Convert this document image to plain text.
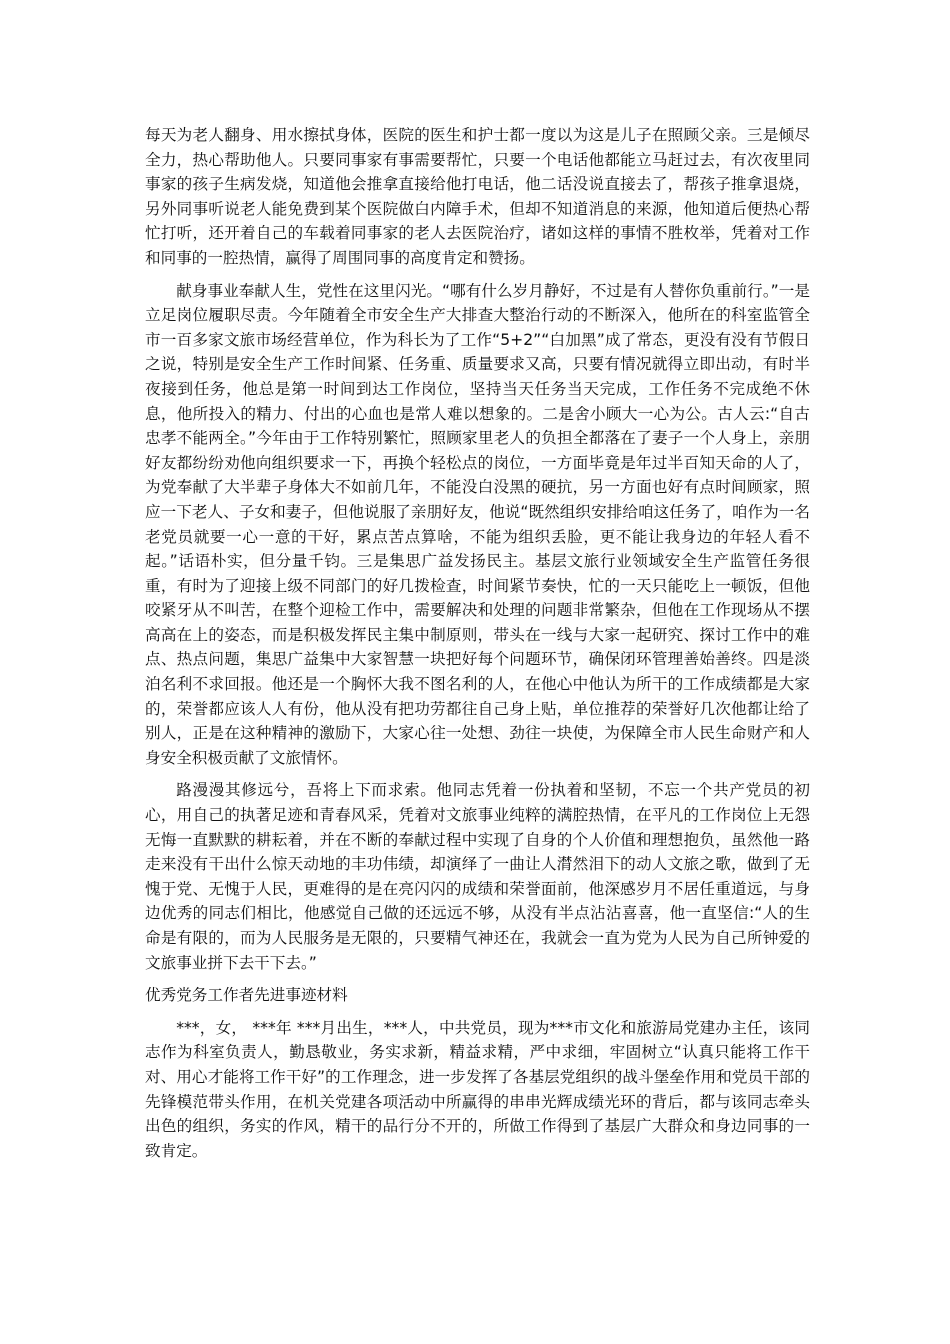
每天为老人翻身、用水擦拭身体，医院的医生和护士都一度以为这是儿子在照顾父亲。三是倾尽全力，热心帮助他人。只要同事家有事需要帮忙，只要一个电话他都能立马赶过去，有次夜里同事家的孩子生病发烧，知道他会推拿直接给他打电话，他二话没说直接去了，帮孩子推拿退烧，另外同事听说老人能免费到某个医院做白内障手术，但却不知道消息的来源，他知道后便热心帮忙打听，还开着自己的车载着同事家的老人去医院治疗，诸如这样的事情不胜枚举，凭着对工作和同事的一腔热情，赢得了周围同事的高度肯定和赞扬。

献身事业奉献人生，党性在这里闪光。“哪有什么岁月静好，不过是有人替你负重前行。”一是立足岗位履职尽责。今年随着全市安全生产大排查大整治行动的不断深入，他所在的科室监管全市一百多家文旅市场经营单位，作为科长为了工作“5+2”“白加黑”成了常态，更没有没有节假日之说，特别是安全生产工作时间紧、任务重、质量要求又高，只要有情况就得立即出动，有时半夜接到任务，他总是第一时间到达工作岗位，坚持当天任务当天完成，工作任务不完成绝不休息，他所投入的精力、付出的心血也是常人难以想象的。二是舍小顾大一心为公。古人云:“自古忠孝不能两全。”今年由于工作特别繁忙，照顾家里老人的负担全都落在了妻子一个人身上，亲朋好友都纷纷劝他向组织要求一下，再换个轻松点的岗位，一方面毕竟是年过半百知天命的人了，为党奉献了大半辈子身体大不如前几年，不能没白没黑的硬抗，另一方面也好有点时间顾家，照应一下老人、子女和妻子，但他说服了亲朋好友，他说“既然组织安排给咱这任务了，咱作为一名老党员就要一心一意的干好，累点苦点算啥，不能为组织丢脸，更不能让我身边的年轻人看不起。”话语朴实，但分量千钧。三是集思广益发扬民主。基层文旅行业领域安全生产监管任务很重，有时为了迎接上级不同部门的好几拨检查，时间紧节奏快，忙的一天只能吃上一顿饭，但他咬紧牙从不叫苦，在整个迎检工作中，需要解决和处理的问题非常繁杂，但他在工作现场从不摆高高在上的姿态，而是积极发挥民主集中制原则，带头在一线与大家一起研究、探讨工作中的难点、热点问题，集思广益集中大家智慧一块把好每个问题环节，确保闭环管理善始善终。四是淡泊名利不求回报。他还是一个胸怀大我不图名利的人，在他心中他认为所干的工作成绩都是大家的，荣誉都应该人人有份，他从没有把功劳都往自己身上贴，单位推荐的荣誉好几次他都让给了别人，正是在这种精神的激励下，大家心往一处想、劲往一块使，为保障全市人民生命财产和人身安全积极贡献了文旅情怀。

路漫漫其修远兮，吾将上下而求索。他同志凭着一份执着和坚韧，不忘一个共产党员的初心，用自己的执著足迹和青春风采，凭着对文旅事业纯粹的满腔热情，在平凡的工作岗位上无怨无悔一直默默的耕耘着，并在不断的奉献过程中实现了自身的个人价值和理想抱负，虽然他一路走来没有干出什么惊天动地的丰功伟绩，却演绎了一曲让人潸然泪下的动人文旅之歌，做到了无愧于党、无愧于人民，更难得的是在亮闪闪的成绩和荣誉面前，他深感岁月不居任重道远，与身边优秀的同志们相比，他感觉自己做的还远远不够，从没有半点沾沾喜喜，他一直坚信:“人的生命是有限的，而为人民服务是无限的，只要精气神还在，我就会一直为党为人民为自己所钟爱的文旅事业拼下去干下去。”

优秀党务工作者先进事迹材料

***，女， ***年 ***月出生，***人，中共党员，现为***市文化和旅游局党建办主任，该同志作为科室负责人，勤恳敬业，务实求新，精益求精，严中求细，牢固树立“认真只能将工作干对、用心才能将工作干好”的工作理念，进一步发挥了各基层党组织的战斗堡垒作用和党员干部的先锋模范带头作用，在机关党建各项活动中所赢得的串串光辉成绩光环的背后，都与该同志牵头出色的组织，务实的作风，精干的品行分不开的，所做工作得到了基层广大群众和身边同事的一致肯定。
